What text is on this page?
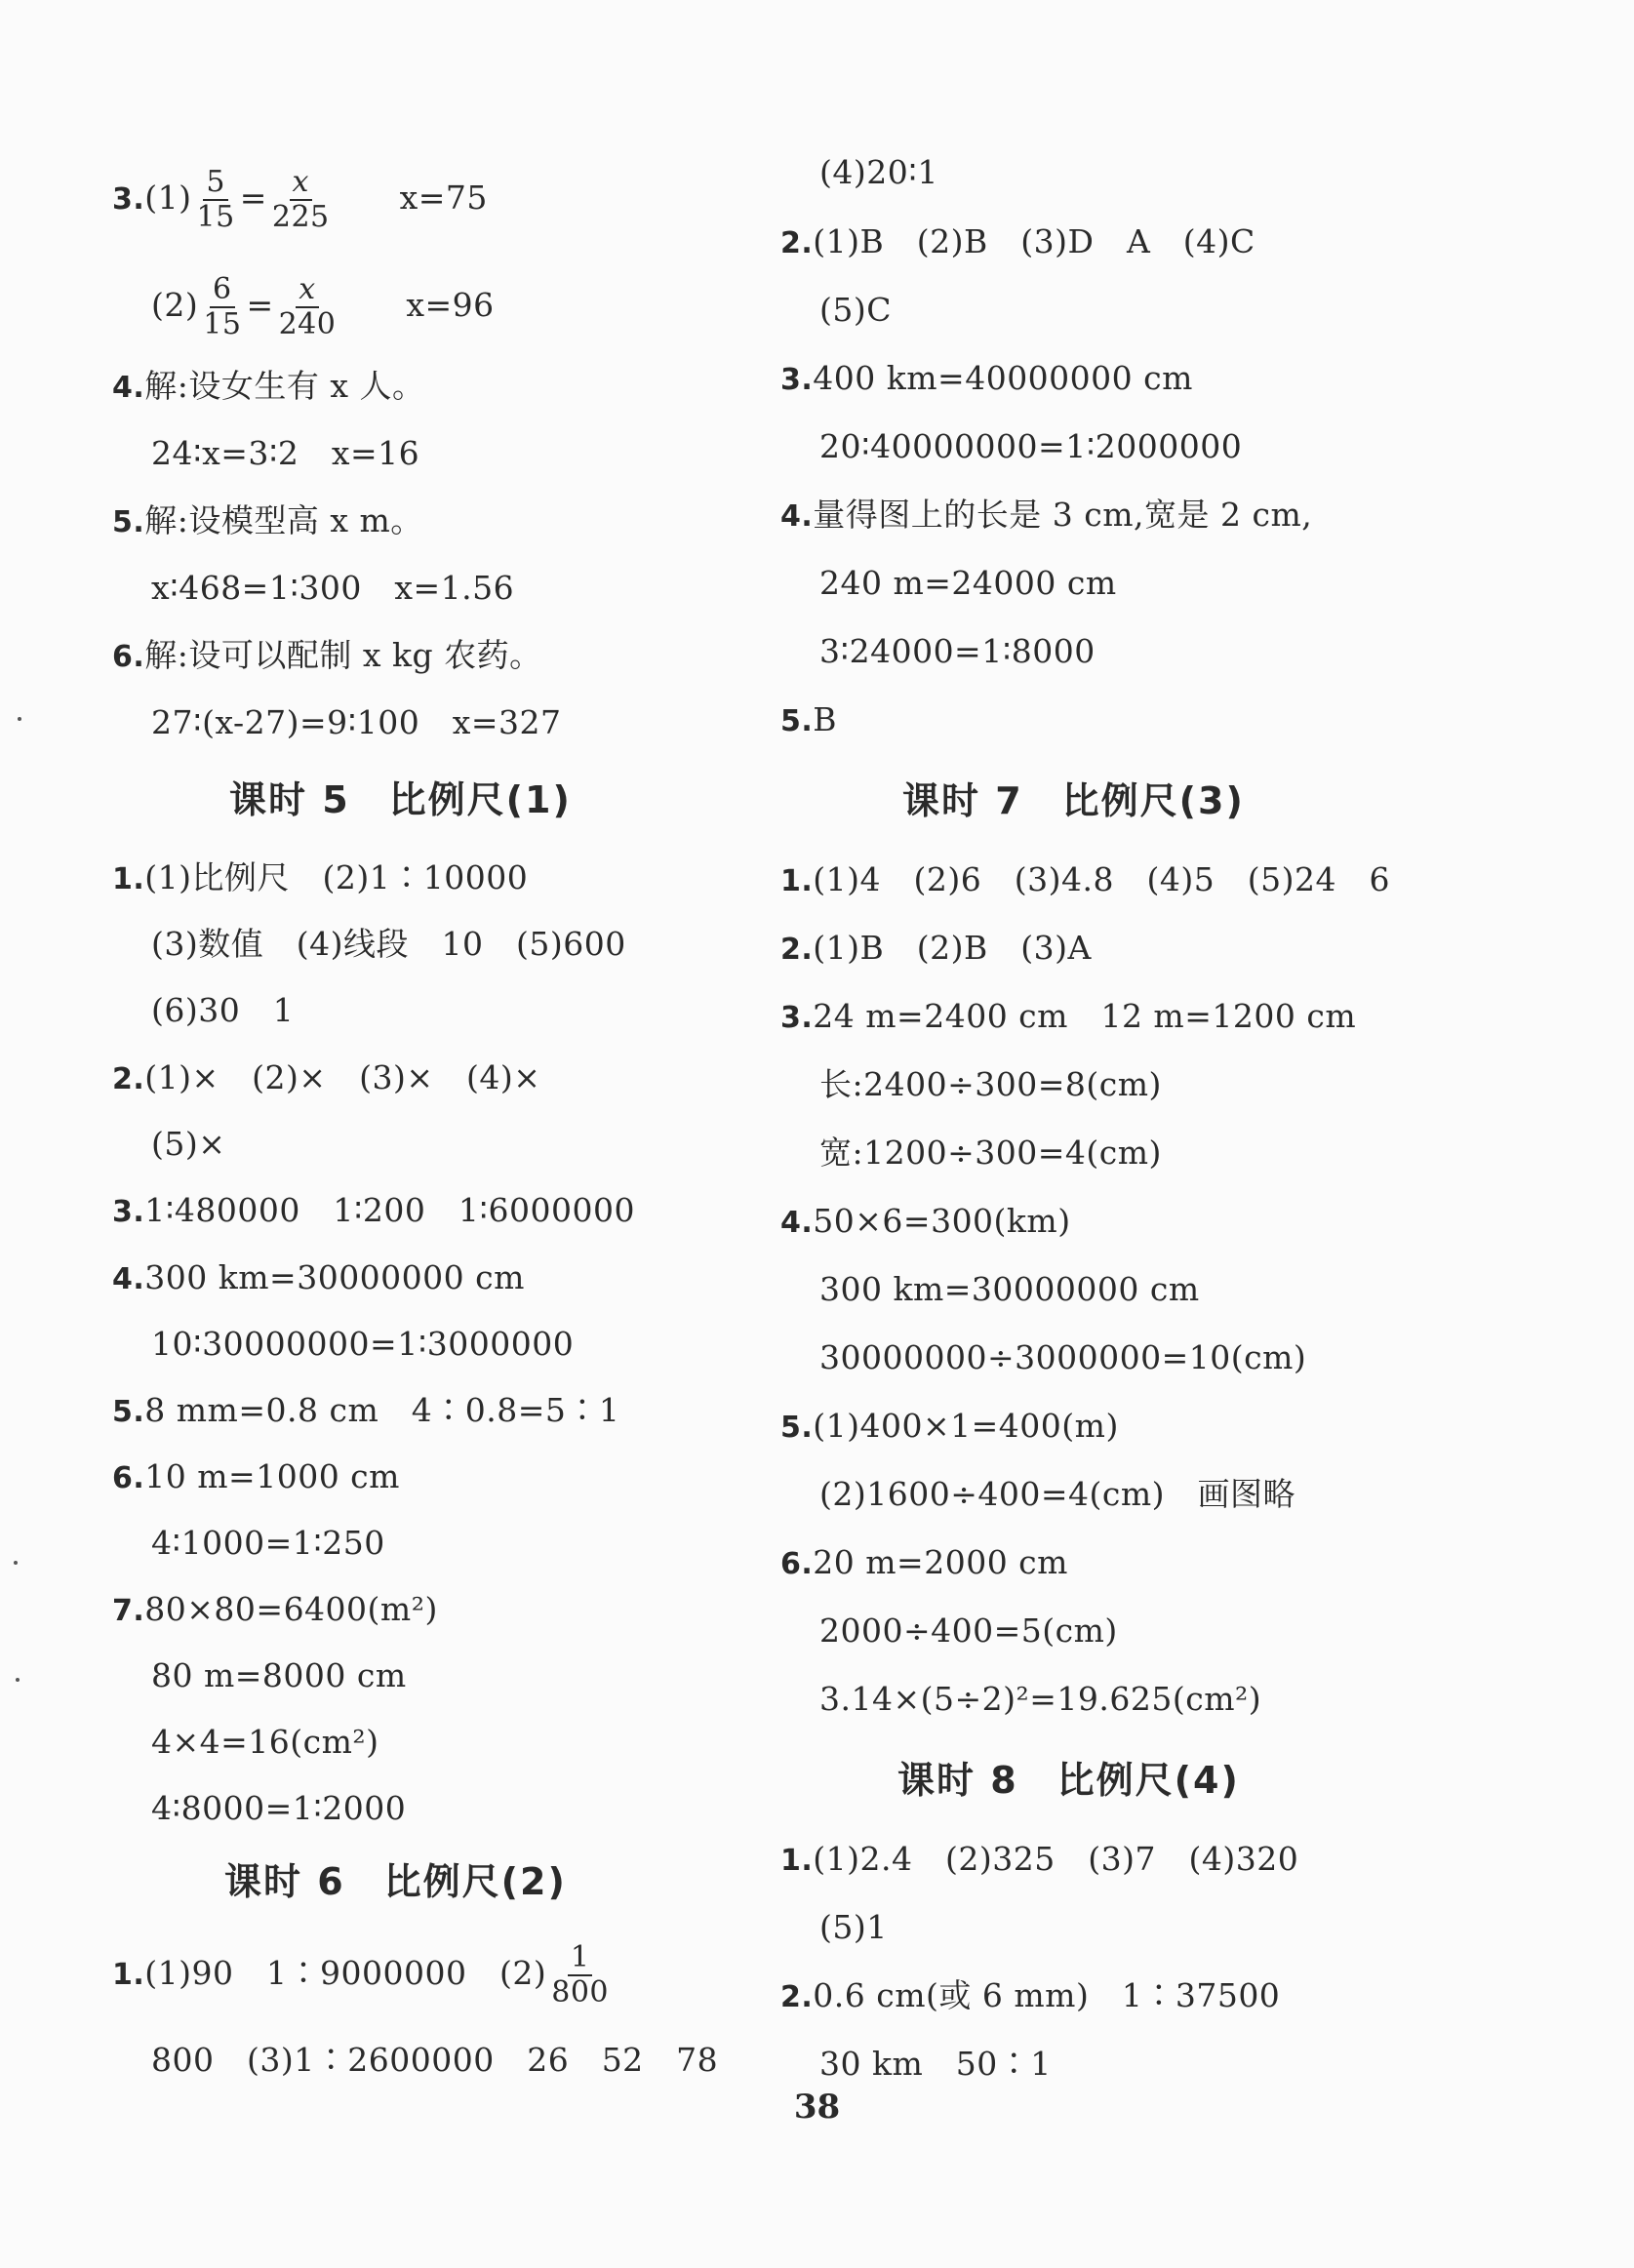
$3.(1) \frac{5}{15} = \frac{x}{225}$
　　 x=75
$(2) \frac{6}{15} = \frac{x}{240}$
　　 x=96
4.解:设女生有 x 人。
24∶x=3∶2　x=16
5.解:设模型高 x m。
x∶468=1∶300　x=1.56
6.解:设可以配制 x kg 农药。
27∶(x-27)=9∶100　x=327
课时 5　比例尺(1)
1.(1)比例尺　(2)1∶10000
(3)数值　(4)线段　10　(5)600
(6)30　1
2.(1)×　(2)×　(3)×　(4)×
(5)×
3.1∶480000　1∶200　1∶6000000
4.300 km=30000000 cm
10∶30000000=1∶3000000
5.8 mm=0.8 cm　4∶0.8=5∶1
6.10 m=1000 cm
4∶1000=1∶250
7.80×80=6400(m²)
80 m=8000 cm
4×4=16(cm²)
4∶8000=1∶2000
课时 6　比例尺(2)
1.(1)90　1∶9000000　$(2) \frac{1}{800}$
800　(3)1∶2600000　26　52　78
(4)20∶1
2.(1)B　(2)B　(3)D　A　(4)C
(5)C
3.400 km=40000000 cm
20∶40000000=1∶2000000
4.量得图上的长是 3 cm,宽是 2 cm,
240 m=24000 cm
3∶24000=1∶8000
5.B
课时 7　比例尺(3)
1.(1)4　(2)6　(3)4.8　(4)5　(5)24　6
2.(1)B　(2)B　(3)A
3.24 m=2400 cm　12 m=1200 cm
长:2400÷300=8(cm)
宽:1200÷300=4(cm)
4.50×6=300(km)
300 km=30000000 cm
30000000÷3000000=10(cm)
5.(1)400×1=400(m)
(2)1600÷400=4(cm)　画图略
6.20 m=2000 cm
2000÷400=5(cm)
3.14×(5÷2)²=19.625(cm²)
课时 8　比例尺(4)
1.(1)2.4　(2)325　(3)7　(4)320
(5)1
2.0.6 cm(或 6 mm)　1∶37500
30 km　50∶1
38
